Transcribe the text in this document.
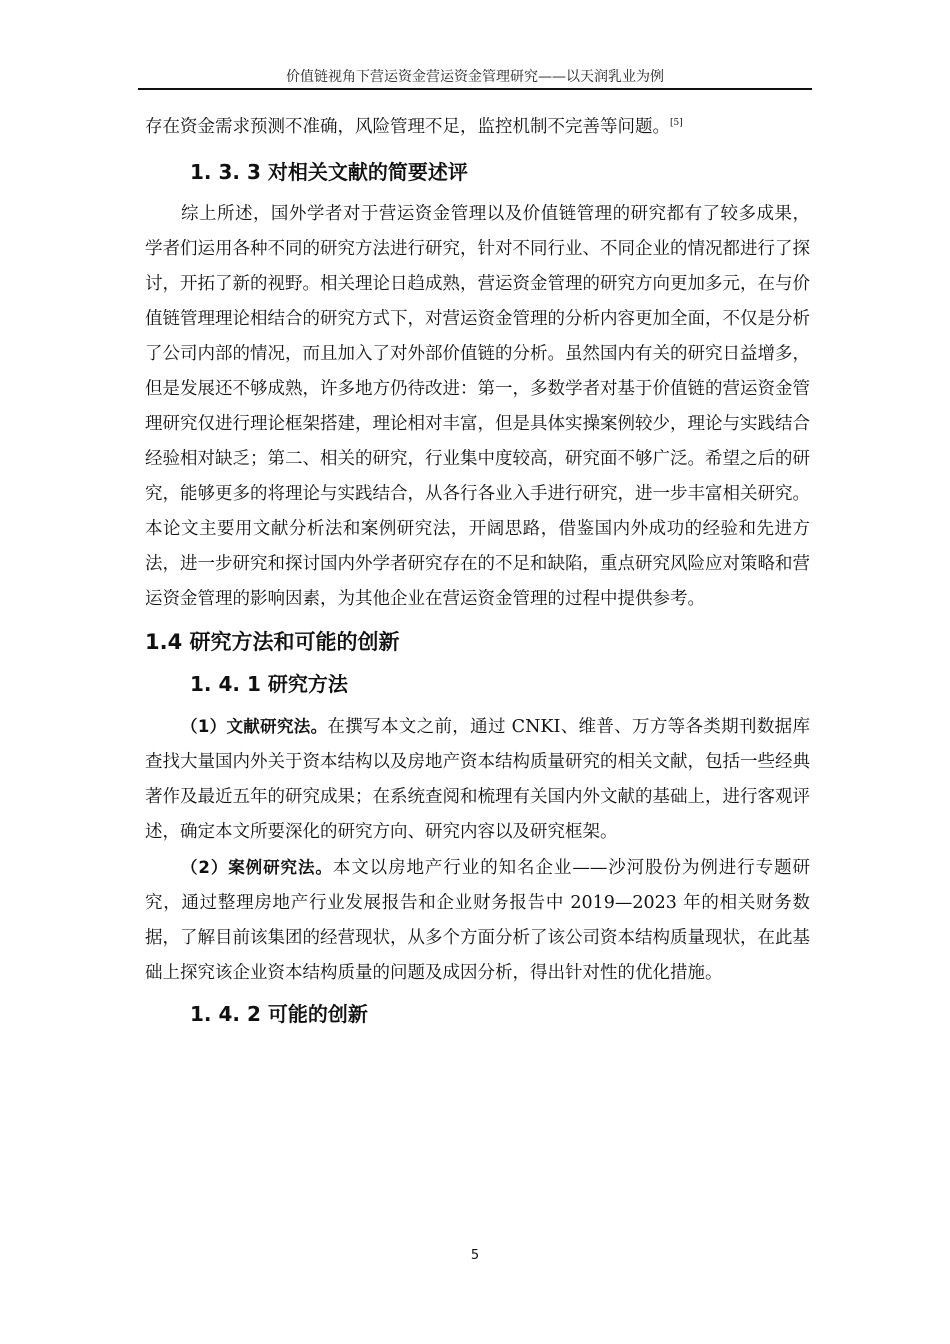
价值链视角下营运资金营运资金管理研究——以天润乳业为例

存在资金需求预测不准确，风险管理不足，监控机制不完善等问题。[5]

1. 3. 3 对相关文献的简要述评

综上所述，国外学者对于营运资金管理以及价值链管理的研究都有了较多成果，学者们运用各种不同的研究方法进行研究，针对不同行业、不同企业的情况都进行了探讨，开拓了新的视野。相关理论日趋成熟，营运资金管理的研究方向更加多元，在与价值链管理理论相结合的研究方式下，对营运资金管理的分析内容更加全面，不仅是分析了公司内部的情况，而且加入了对外部价值链的分析。虽然国内有关的研究日益增多，但是发展还不够成熟，许多地方仍待改进：第一，多数学者对基于价值链的营运资金管理研究仅进行理论框架搭建，理论相对丰富，但是具体实操案例较少，理论与实践结合经验相对缺乏；第二、相关的研究，行业集中度较高，研究面不够广泛。希望之后的研究，能够更多的将理论与实践结合，从各行各业入手进行研究，进一步丰富相关研究。本论文主要用文献分析法和案例研究法，开阔思路，借鉴国内外成功的经验和先进方法，进一步研究和探讨国内外学者研究存在的不足和缺陷，重点研究风险应对策略和营运资金管理的影响因素，为其他企业在营运资金管理的过程中提供参考。

1.4 研究方法和可能的创新
1. 4. 1 研究方法

（1）文献研究法。在撰写本文之前，通过 CNKI、维普、万方等各类期刊数据库查找大量国内外关于资本结构以及房地产资本结构质量研究的相关文献，包括一些经典著作及最近五年的研究成果；在系统查阅和梳理有关国内外文献的基础上，进行客观评述，确定本文所要深化的研究方向、研究内容以及研究框架。

（2）案例研究法。本文以房地产行业的知名企业——沙河股份为例进行专题研究，通过整理房地产行业发展报告和企业财务报告中 2019—2023 年的相关财务数据，了解目前该集团的经营现状，从多个方面分析了该公司资本结构质量现状，在此基础上探究该企业资本结构质量的问题及成因分析，得出针对性的优化措施。

1. 4. 2 可能的创新
5
